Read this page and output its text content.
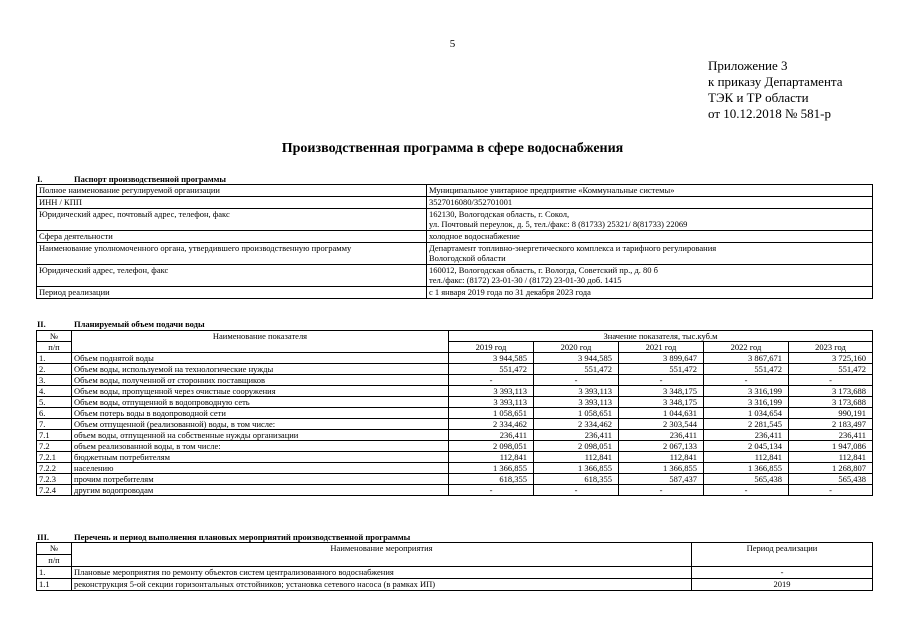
5
Приложение 3
к приказу Департамента
ТЭК и ТР области
от 10.12.2018 № 581-р
Производственная программа в сфере водоснабжения
I.	Паспорт производственной программы
Полное наименование регулируемой организации	Муниципальное унитарное предприятие «Коммунальные системы»

ИНН / КПП	3527016080/352701001

Юридический адрес, почтовый адрес, телефон, факс	162130, Вологодская область, г. Сокол,
ул. Почтовый переулок, д. 5, тел./факс: 8 (81733) 25321/ 8(81733) 22069

Сфера деятельности	холодное водоснабжение

Наименование уполномоченного органа, утвердившего производственную программу	Департамент топливно-энергетического комплекса и тарифного регулирования
Вологодской области

Юридический адрес, телефон, факс	160012, Вологодская область, г. Вологда, Советский пр., д. 80 б
тел./факс: (8172) 23-01-30 / (8172) 23-01-30 доб. 1415

Период реализации	с 1 января 2019 года по 31 декабря 2023 года
II.	Планируемый объем подачи воды
№	Наименование показателя	Значение показателя, тыс.куб.м				
п/п		2019 год	2020 год	2021 год	2022 год	2023 год
1.	Объем поднятой воды	3 944,585	3 944,585	3 899,647	3 867,671	3 725,160
2.	Объем воды, используемой на технологические нужды	551,472	551,472	551,472	551,472	551,472
3.	Объем воды, полученной от сторонних поставщиков	-	-	-	-	-
4.	Объем воды, пропущенной через очистные сооружения	3 393,113	3 393,113	3 348,175	3 316,199	3 173,688
5.	Объем воды, отпущенной в водопроводную сеть	3 393,113	3 393,113	3 348,175	3 316,199	3 173,688
6.	Объем потерь воды в водопроводной сети	1 058,651	1 058,651	1 044,631	1 034,654	990,191
7.	Объем отпущенной (реализованной) воды, в том числе:	2 334,462	2 334,462	2 303,544	2 281,545	2 183,497
7.1	объем воды, отпущенной на собственные нужды организации	236,411	236,411	236,411	236,411	236,411
7.2	объем реализованной воды, в том числе:	2 098,051	2 098,051	2 067,133	2 045,134	1 947,086
7.2.1	бюджетным потребителям	112,841	112,841	112,841	112,841	112,841
7.2.2	населению	1 366,855	1 366,855	1 366,855	1 366,855	1 268,807
7.2.3	прочим потребителям	618,355	618,355	587,437	565,438	565,438
7.2.4	другим водопроводам	-	-	-	-	-
III.	Перечень и период выполнения плановых мероприятий производственной программы
№	Наименование мероприятия	Период реализации
п/п		
1.	Плановые мероприятия по ремонту объектов систем централизованного водоснабжения	-
1.1	реконструкция 5-ой секции горизонтальных отстойников; установка сетевого насоса (в рамках ИП)	2019
